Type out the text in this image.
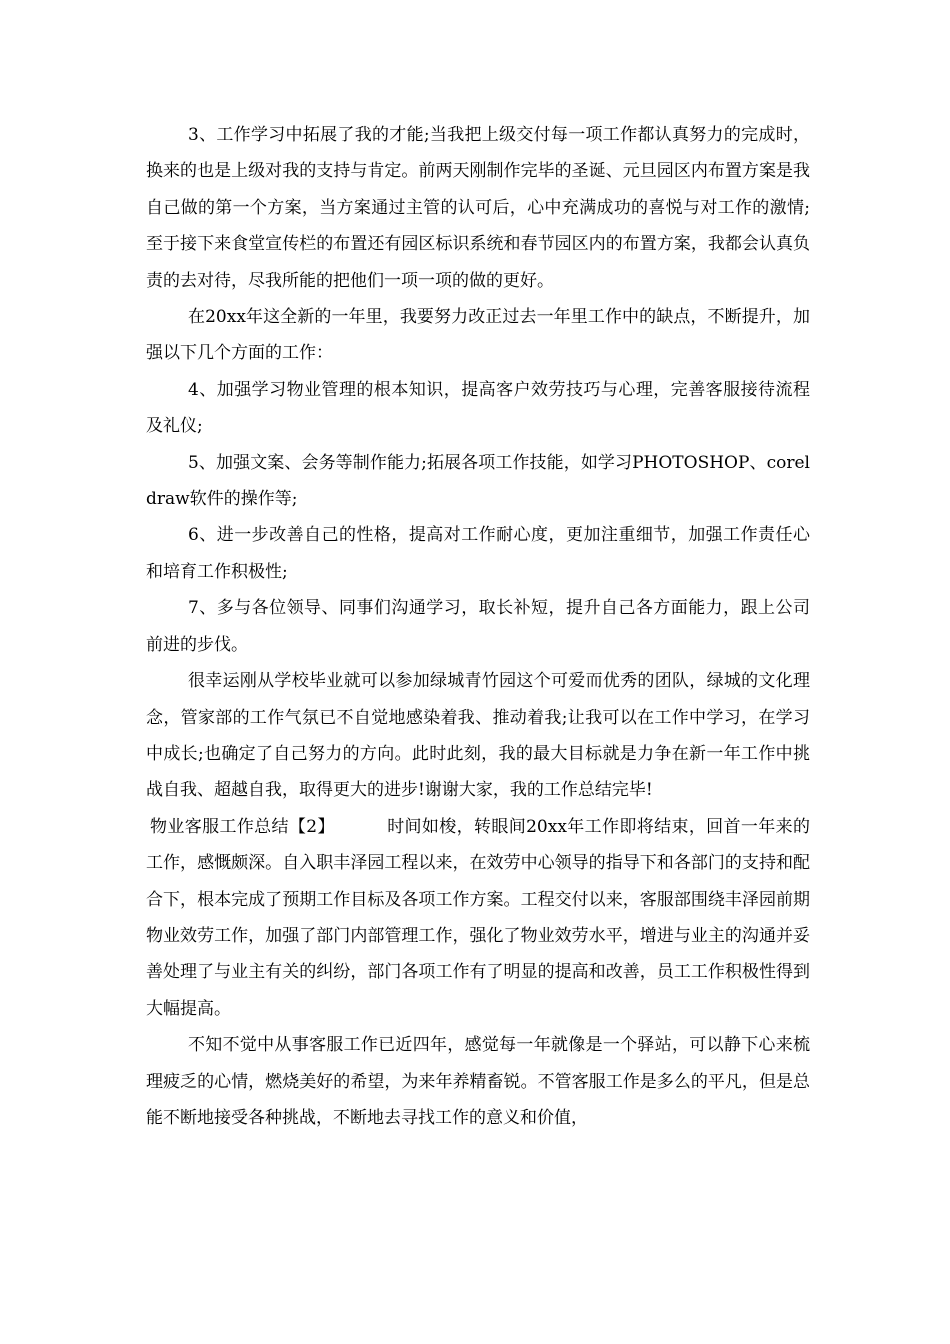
3、工作学习中拓展了我的才能;当我把上级交付每一项工作都认真努力的完成时，换来的也是上级对我的支持与肯定。前两天刚制作完毕的圣诞、元旦园区内布置方案是我自己做的第一个方案，当方案通过主管的认可后，心中充满成功的喜悦与对工作的激情;至于接下来食堂宣传栏的布置还有园区标识系统和春节园区内的布置方案，我都会认真负责的去对待，尽我所能的把他们一项一项的做的更好。

在20xx年这全新的一年里，我要努力改正过去一年里工作中的缺点，不断提升，加强以下几个方面的工作：

4、加强学习物业管理的根本知识，提高客户效劳技巧与心理，完善客服接待流程及礼仪;

5、加强文案、会务等制作能力;拓展各项工作技能，如学习PHOTOSHOP、coreldraw软件的操作等;

6、进一步改善自己的性格，提高对工作耐心度，更加注重细节，加强工作责任心和培育工作积极性;

7、多与各位领导、同事们沟通学习，取长补短，提升自己各方面能力，跟上公司前进的步伐。

很幸运刚从学校毕业就可以参加绿城青竹园这个可爱而优秀的团队，绿城的文化理念，管家部的工作气氛已不自觉地感染着我、推动着我;让我可以在工作中学习，在学习中成长;也确定了自己努力的方向。此时此刻，我的最大目标就是力争在新一年工作中挑战自我、超越自我，取得更大的进步!谢谢大家，我的工作总结完毕!

物业客服工作总结【2】	时间如梭，转眼间20xx年工作即将结束，回首一年来的工作，感慨颇深。自入职丰泽园工程以来，在效劳中心领导的指导下和各部门的支持和配合下，根本完成了预期工作目标及各项工作方案。工程交付以来，客服部围绕丰泽园前期物业效劳工作，加强了部门内部管理工作，强化了物业效劳水平，增进与业主的沟通并妥善处理了与业主有关的纠纷，部门各项工作有了明显的提高和改善，员工工作积极性得到大幅提高。

不知不觉中从事客服工作已近四年，感觉每一年就像是一个驿站，可以静下心来梳理疲乏的心情，燃烧美好的希望，为来年养精畜锐。不管客服工作是多么的平凡，但是总能不断地接受各种挑战，不断地去寻找工作的意义和价值，
